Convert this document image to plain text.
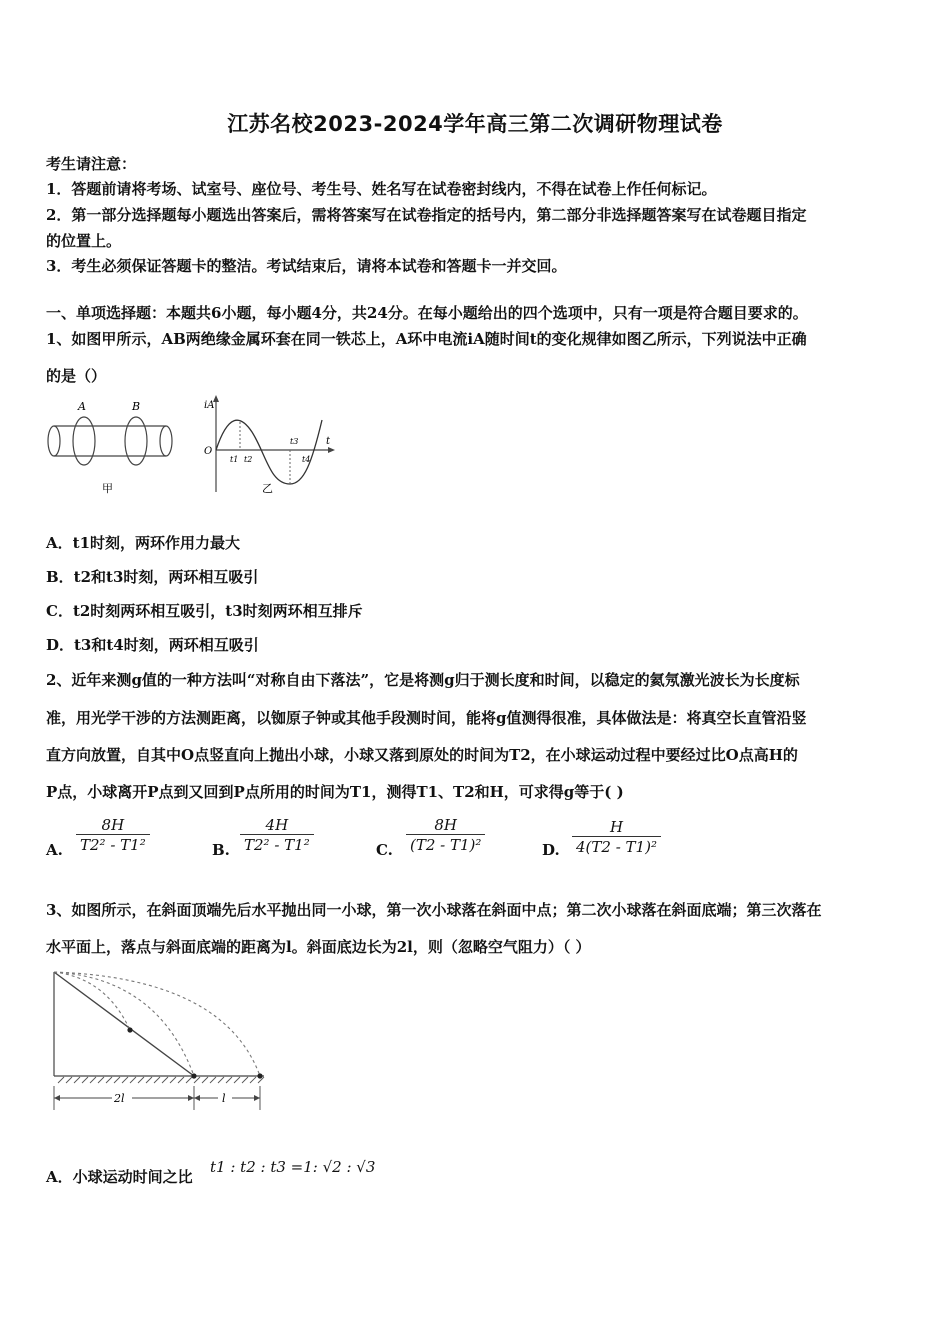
江苏名校2023-2024学年高三第二次调研物理试卷
考生请注意：
1．答题前请将考场、试室号、座位号、考生号、姓名写在试卷密封线内，不得在试卷上作任何标记。
2．第一部分选择题每小题选出答案后，需将答案写在试卷指定的括号内，第二部分非选择题答案写在试卷题目指定
的位置上。
3．考生必须保证答题卡的整洁。考试结束后，请将本试卷和答题卡一并交回。
一、单项选择题：本题共6小题，每小题4分，共24分。在每小题给出的四个选项中，只有一项是符合题目要求的。
1、如图甲所示，AB两绝缘金属环套在同一铁芯上，A环中电流iA随时间t的变化规律如图乙所示，下列说法中正确
的是（）
A	B
甲
iA
t
O
t1 t2
t3
t4
乙
A．t1时刻，两环作用力最大
B．t2和t3时刻，两环相互吸引
C．t2时刻两环相互吸引，t3时刻两环相互排斥
D．t3和t4时刻，两环相互吸引
2、近年来测g值的一种方法叫“对称自由下落法”，它是将测g归于测长度和时间，以稳定的氦氖激光波长为长度标
准，用光学干涉的方法测距离，以铷原子钟或其他手段测时间，能将g值测得很准，具体做法是：将真空长直管沿竖
直方向放置，自其中O点竖直向上抛出小球，小球又落到原处的时间为T2，在小球运动过程中要经过比O点高H的
P点，小球离开P点到又回到P点所用的时间为T1，测得T1、T2和H，可求得g等于( )
A. $\frac{8H}{\text{T2² - T1²}}$	B. $\frac{4H}{\text{T2² - T1²}}$	C. $\frac{8H}{\text{(T2 - T1)²}}$	D. $\frac{H}{\text{4(T2 - T1)²}}$
3、如图所示，在斜面顶端先后水平抛出同一小球，第一次小球落在斜面中点；第二次小球落在斜面底端；第三次落在
水平面上，落点与斜面底端的距离为l。斜面底边长为2l，则（忽略空气阻力）（ ）
2l	l
A．小球运动时间之比
t1 : t2 : t3 =1: √2 : √3
